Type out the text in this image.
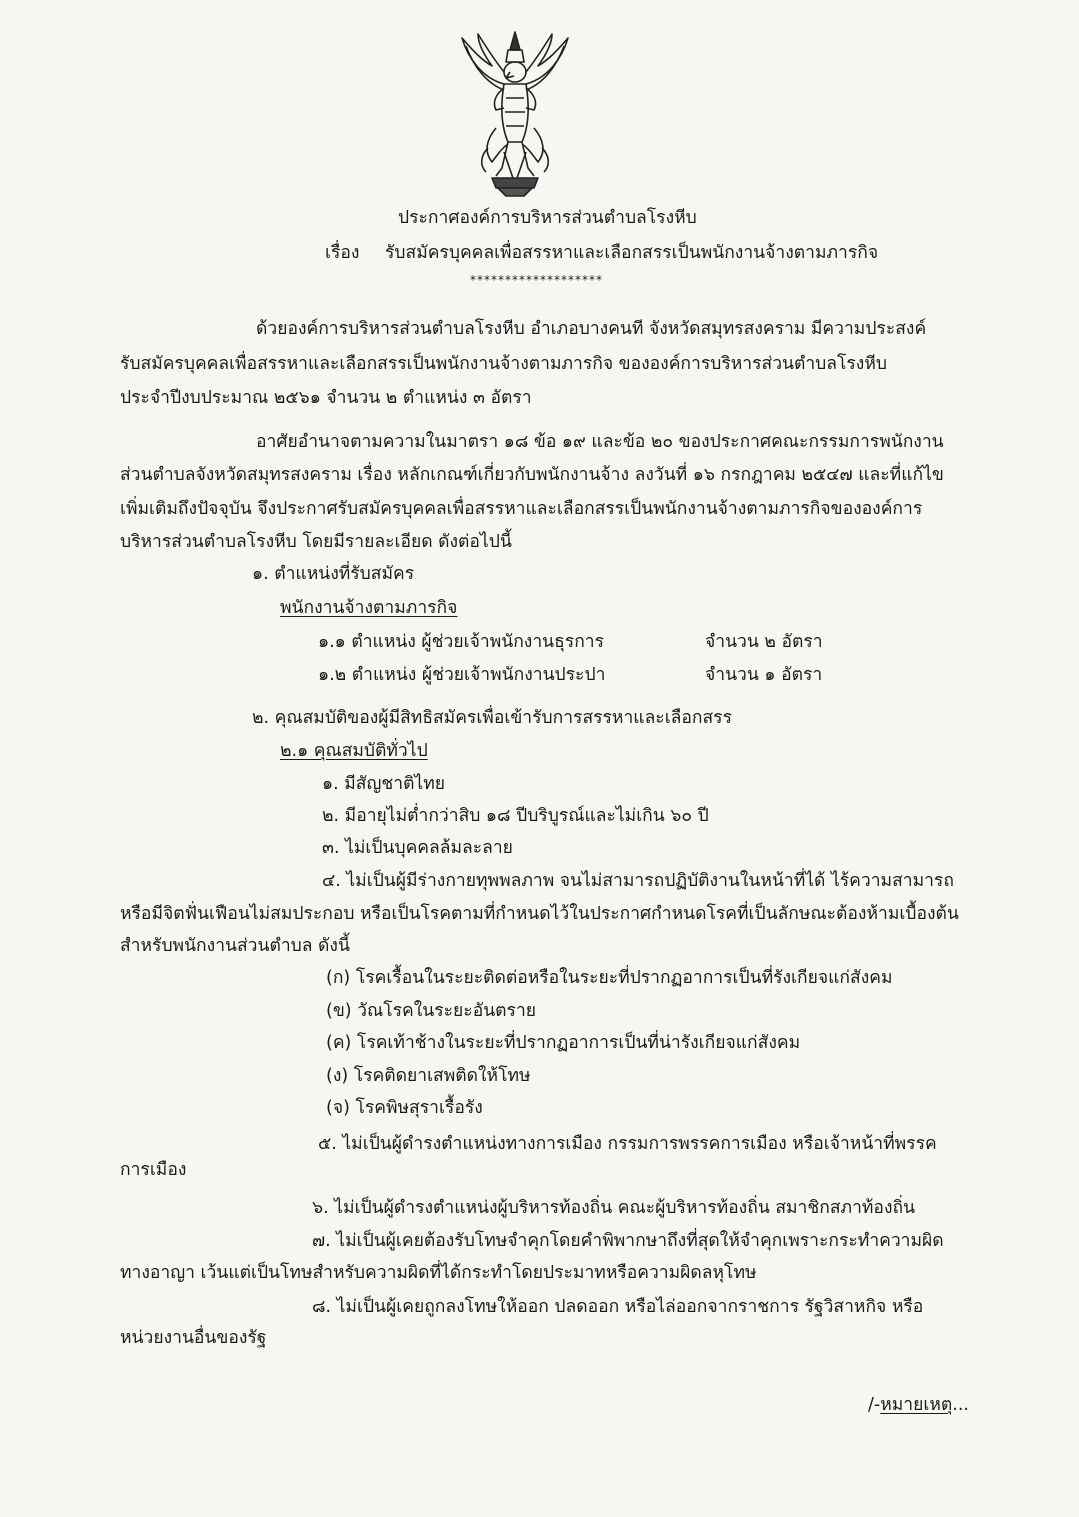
ประกาศองค์การบริหารส่วนตำบลโรงหีบ
เรื่อง รับสมัครบุคคลเพื่อสรรหาและเลือกสรรเป็นพนักงานจ้างตามภารกิจ
*******************
ด้วยองค์การบริหารส่วนตำบลโรงหีบ อำเภอบางคนที จังหวัดสมุทรสงคราม มีความประสงค์
รับสมัครบุคคลเพื่อสรรหาและเลือกสรรเป็นพนักงานจ้างตามภารกิจ ขององค์การบริหารส่วนตำบลโรงหีบ
ประจำปีงบประมาณ ๒๕๖๑ จำนวน ๒ ตำแหน่ง ๓ อัตรา
อาศัยอำนาจตามความในมาตรา ๑๘ ข้อ ๑๙ และข้อ ๒๐ ของประกาศคณะกรรมการพนักงาน
ส่วนตำบลจังหวัดสมุทรสงคราม เรื่อง หลักเกณฑ์เกี่ยวกับพนักงานจ้าง ลงวันที่ ๑๖ กรกฎาคม ๒๕๔๗ และที่แก้ไข
เพิ่มเติมถึงปัจจุบัน จึงประกาศรับสมัครบุคคลเพื่อสรรหาและเลือกสรรเป็นพนักงานจ้างตามภารกิจขององค์การ
บริหารส่วนตำบลโรงหีบ โดยมีรายละเอียด ดังต่อไปนี้
๑. ตำแหน่งที่รับสมัคร
พนักงานจ้างตามภารกิจ
๑.๑ ตำแหน่ง ผู้ช่วยเจ้าพนักงานธุรการ	จำนวน ๒ อัตรา
๑.๒ ตำแหน่ง ผู้ช่วยเจ้าพนักงานประปา	จำนวน ๑ อัตรา
๒. คุณสมบัติของผู้มีสิทธิสมัครเพื่อเข้ารับการสรรหาและเลือกสรร
๒.๑ คุณสมบัติทั่วไป
๑. มีสัญชาติไทย
๒. มีอายุไม่ต่ำกว่าสิบ ๑๘ ปีบริบูรณ์และไม่เกิน ๖๐ ปี
๓. ไม่เป็นบุคคลล้มละลาย
๔. ไม่เป็นผู้มีร่างกายทุพพลภาพ จนไม่สามารถปฏิบัติงานในหน้าที่ได้ ไร้ความสามารถ
หรือมีจิตฟั่นเฟือนไม่สมประกอบ หรือเป็นโรคตามที่กำหนดไว้ในประกาศกำหนดโรคที่เป็นลักษณะต้องห้ามเบื้องต้น
สำหรับพนักงานส่วนตำบล ดังนี้
(ก) โรคเรื้อนในระยะติดต่อหรือในระยะที่ปรากฏอาการเป็นที่รังเกียจแก่สังคม
(ข) วัณโรคในระยะอันตราย
(ค) โรคเท้าช้างในระยะที่ปรากฏอาการเป็นที่น่ารังเกียจแก่สังคม
(ง) โรคติดยาเสพติดให้โทษ
(จ) โรคพิษสุราเรื้อรัง
๕. ไม่เป็นผู้ดำรงตำแหน่งทางการเมือง กรรมการพรรคการเมือง หรือเจ้าหน้าที่พรรค
การเมือง
๖. ไม่เป็นผู้ดำรงตำแหน่งผู้บริหารท้องถิ่น คณะผู้บริหารท้องถิ่น สมาชิกสภาท้องถิ่น
๗. ไม่เป็นผู้เคยต้องรับโทษจำคุกโดยคำพิพากษาถึงที่สุดให้จำคุกเพราะกระทำความผิด
ทางอาญา เว้นแต่เป็นโทษสำหรับความผิดที่ได้กระทำโดยประมาทหรือความผิดลหุโทษ
๘. ไม่เป็นผู้เคยถูกลงโทษให้ออก ปลดออก หรือไล่ออกจากราชการ รัฐวิสาหกิจ หรือ
หน่วยงานอื่นของรัฐ
/-หมายเหตุ...
